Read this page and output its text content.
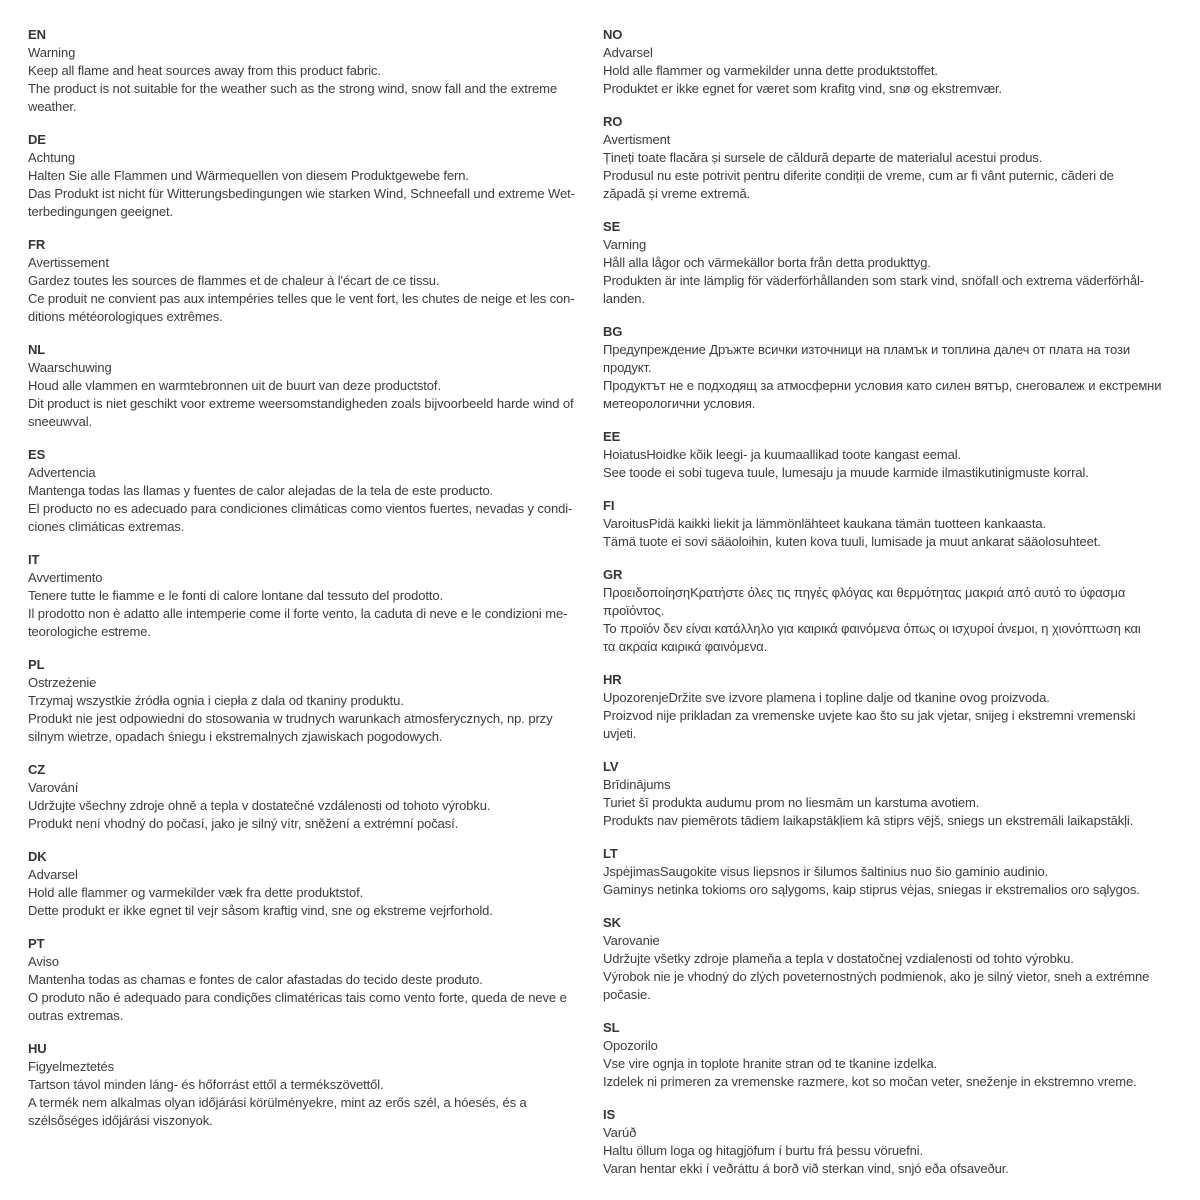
EN
Warning
Keep all flame and heat sources away from this product fabric.
The product is not suitable for the weather such as the strong wind, snow fall and the extreme
weather.
DE
Achtung
Halten Sie alle Flammen und Wärmequellen von diesem Produktgewebe fern.
Das Produkt ist nicht für Witterungsbedingungen wie starken Wind, Schneefall und extreme Wet-
terbedingungen geeignet.
FR
Avertissement
Gardez toutes les sources de flammes et de chaleur à l'écart de ce tissu.
Ce produit ne convient pas aux intempéries telles que le vent fort, les chutes de neige et les con-
ditions météorologiques extrêmes.
NL
Waarschuwing
Houd alle vlammen en warmtebronnen uit de buurt van deze productstof.
Dit product is niet geschikt voor extreme weersomstandigheden zoals bijvoorbeeld harde wind of
sneeuwval.
ES
Advertencia
Mantenga todas las llamas y fuentes de calor alejadas de la tela de este producto.
El producto no es adecuado para condiciones climáticas como vientos fuertes, nevadas y condi-
ciones climáticas extremas.
IT
Avvertimento
Tenere tutte le fiamme e le fonti di calore lontane dal tessuto del prodotto.
Il prodotto non è adatto alle intemperie come il forte vento, la caduta di neve e le condizioni me-
teorologiche estreme.
PL
Ostrzeżenie
Trzymaj wszystkie źródła ognia i ciepła z dala od tkaniny produktu.
Produkt nie jest odpowiedni do stosowania w trudnych warunkach atmosferycznych, np. przy
silnym wietrze, opadach śniegu i ekstremalnych zjawiskach pogodowych.
CZ
Varování
Udržujte všechny zdroje ohně a tepla v dostatečné vzdálenosti od tohoto výrobku.
Produkt není vhodný do počasí, jako je silný vítr, sněžení a extrémní počasí.
DK
Advarsel
Hold alle flammer og varmekilder væk fra dette produktstof.
Dette produkt er ikke egnet til vejr såsom kraftig vind, sne og ekstreme vejrforhold.
PT
Aviso
Mantenha todas as chamas e fontes de calor afastadas do tecido deste produto.
O produto não é adequado para condições climatéricas tais como vento forte, queda de neve e
outras extremas.
HU
Figyelmeztetés
Tartson távol minden láng- és hőforrást ettől a termékszövettől.
A termék nem alkalmas olyan időjárási körülményekre, mint az erős szél, a hóesés, és a
szélsőséges időjárási viszonyok.
NO
Advarsel
Hold alle flammer og varmekilder unna dette produktstoffet.
Produktet er ikke egnet for været som krafitg vind, snø og ekstremvær.
RO
Avertisment
Țineți toate flacăra și sursele de căldură departe de materialul acestui produs.
Produsul nu este potrivit pentru diferite condiții de vreme, cum ar fi vânt puternic, căderi de
zăpadă și vreme extremă.
SE
Varning
Håll alla lågor och värmekällor borta från detta produkttyg.
Produkten är inte lämplig för väderförhållanden som stark vind, snöfall och extrema väderförhål-
landen.
BG
Предупреждение Дръжте всички източници на пламък и топлина далеч от плата на този
продукт.
Продуктът не е подходящ за атмосферни условия като силен вятър, снеговалеж и екстремни
метеорологични условия.
EE
HoiatusHoidke kõik leegi- ja kuumaallikad toote kangast eemal.
See toode ei sobi tugeva tuule, lumesaju ja muude karmide ilmastikutinigmuste korral.
FI
VaroitusPidä kaikki liekit ja lämmönlähteet kaukana tämän tuotteen kankaasta.
Tämä tuote ei sovi sääoloihin, kuten kova tuuli, lumisade ja muut ankarat sääolosuhteet.
GR
ΠροειδοποίησηΚρατήστε όλες τις πηγές φλόγας και θερμότητας μακριά από αυτό το ύφασμα
προϊόντος.
Το προϊόν δεν είναι κατάλληλο για καιρικά φαινόμενα όπως οι ισχυροί άνεμοι, η χιονόπτωση και
τα ακραία καιρικά φαινόμενα.
HR
UpozorenjeDržite sve izvore plamena i topline dalje od tkanine ovog proizvoda.
Proizvod nije prikladan za vremenske uvjete kao što su jak vjetar, snijeg i ekstremni vremenski
uvjeti.
LV
Brīdinājums
Turiet šī produkta audumu prom no liesmām un karstuma avotiem.
Produkts nav piemērots tādiem laikapstākļiem kā stiprs vējš, sniegs un ekstremāli laikapstākļi.
LT
JspėjimasSaugokite visus liepsnos ir šilumos šaltinius nuo šio gaminio audinio.
Gaminys netinka tokioms oro sąlygoms, kaip stiprus vėjas, sniegas ir ekstremalios oro sąlygos.
SK
Varovanie
Udržujte všetky zdroje plameňa a tepla v dostatočnej vzdialenosti od tohto výrobku.
Výrobok nie je vhodný do zlých poveternostných podmienok, ako je silný vietor, sneh a extrémne
počasie.
SL
Opozorilo
Vse vire ognja in toplote hranite stran od te tkanine izdelka.
Izdelek ni primeren za vremenske razmere, kot so močan veter, sneženje in ekstremno vreme.
IS
Varúð
Haltu öllum loga og hitagjöfum í burtu frá þessu vöruefni.
Varan hentar ekki í veðráttu á borð við sterkan vind, snjó eða ofsaveður.
